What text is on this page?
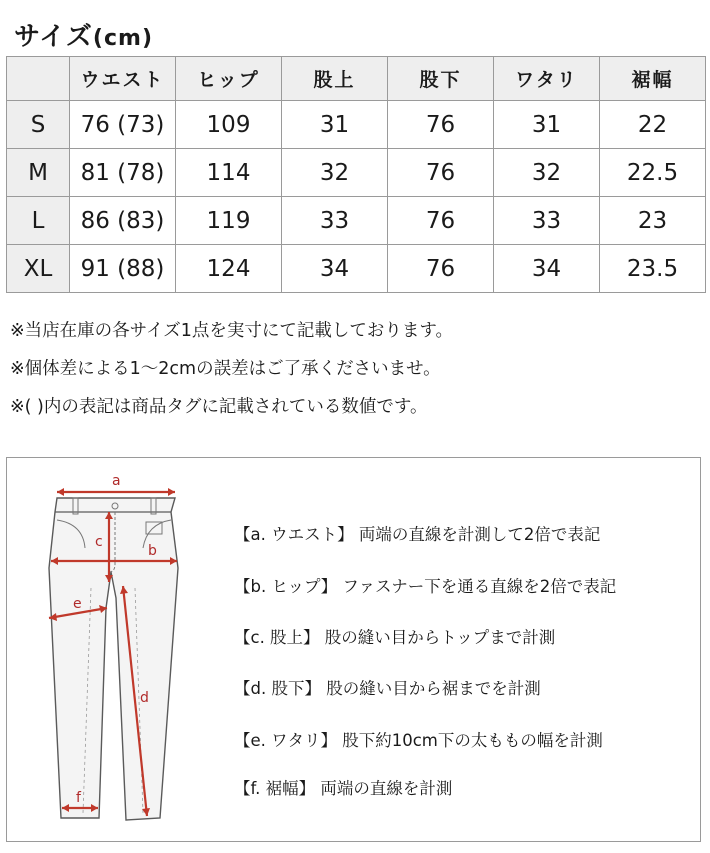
サイズ(cm)
	ウエスト	ヒップ	股上	股下	ワタリ	裾幅
S	76 (73)	109	31	76	31	22
M	81 (78)	114	32	76	32	22.5
L	86 (83)	119	33	76	33	23
XL	91 (88)	124	34	76	34	23.5
※当店在庫の各サイズ1点を実寸にて記載しております。
※個体差による1～2cmの誤差はご了承くださいませ。
※( )内の表記は商品タグに記載されている数値です。
a
b
c
d
e
f
【a. ウエスト】 両端の直線を計測して2倍で表記
【b. ヒップ】 ファスナー下を通る直線を2倍で表記
【c. 股上】 股の縫い目からトップまで計測
【d. 股下】 股の縫い目から裾までを計測
【e. ワタリ】 股下約10cm下の太ももの幅を計測
【f. 裾幅】 両端の直線を計測
